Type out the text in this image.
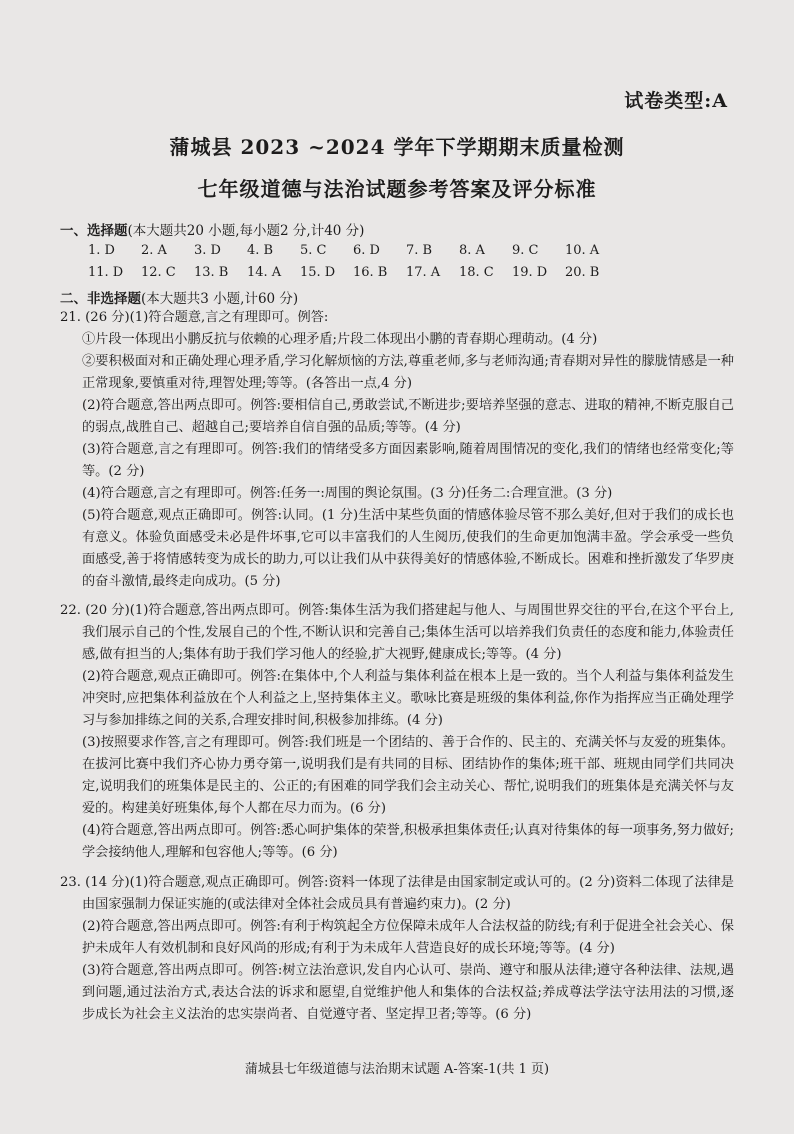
试卷类型:A
蒲城县 2023 ~2024 学年下学期期末质量检测
七年级道德与法治试题参考答案及评分标准
一、选择题(本大题共20 小题,每小题2 分,计40 分)
1. D	2. A	3. D	4. B	5. C	6. D	7. B	8. A	9. C	10. A
11. D	12. C	13. B	14. A	15. D	16. B	17. A	18. C	19. D	20. B
二、非选择题(本大题共3 小题,计60 分)

21. (26 分)(1)符合题意,言之有理即可。例答:

①片段一体现出小鹏反抗与依赖的心理矛盾;片段二体现出小鹏的青春期心理萌动。(4 分)

②要积极面对和正确处理心理矛盾,学习化解烦恼的方法,尊重老师,多与老师沟通;青春期对异性的朦胧情感是一种正常现象,要慎重对待,理智处理;等等。(各答出一点,4 分)

(2)符合题意,答出两点即可。例答:要相信自己,勇敢尝试,不断进步;要培养坚强的意志、进取的精神,不断克服自己的弱点,战胜自己、超越自己;要培养自信自强的品质;等等。(4 分)

(3)符合题意,言之有理即可。例答:我们的情绪受多方面因素影响,随着周围情况的变化,我们的情绪也经常变化;等等。(2 分)

(4)符合题意,言之有理即可。例答:任务一:周围的舆论氛围。(3 分)任务二:合理宣泄。(3 分)

(5)符合题意,观点正确即可。例答:认同。(1 分)生活中某些负面的情感体验尽管不那么美好,但对于我们的成长也有意义。体验负面感受未必是件坏事,它可以丰富我们的人生阅历,使我们的生命更加饱满丰盈。学会承受一些负面感受,善于将情感转变为成长的助力,可以让我们从中获得美好的情感体验,不断成长。困难和挫折激发了华罗庚的奋斗激情,最终走向成功。(5 分)

22. (20 分)(1)符合题意,答出两点即可。例答:集体生活为我们搭建起与他人、与周围世界交往的平台,在这个平台上,我们展示自己的个性,发展自己的个性,不断认识和完善自己;集体生活可以培养我们负责任的态度和能力,体验责任感,做有担当的人;集体有助于我们学习他人的经验,扩大视野,健康成长;等等。(4 分)

(2)符合题意,观点正确即可。例答:在集体中,个人利益与集体利益在根本上是一致的。当个人利益与集体利益发生冲突时,应把集体利益放在个人利益之上,坚持集体主义。歌咏比赛是班级的集体利益,你作为指挥应当正确处理学习与参加排练之间的关系,合理安排时间,积极参加排练。(4 分)

(3)按照要求作答,言之有理即可。例答:我们班是一个团结的、善于合作的、民主的、充满关怀与友爱的班集体。在拔河比赛中我们齐心协力勇夺第一,说明我们是有共同的目标、团结协作的集体;班干部、班规由同学们共同决定,说明我们的班集体是民主的、公正的;有困难的同学我们会主动关心、帮忙,说明我们的班集体是充满关怀与友爱的。构建美好班集体,每个人都在尽力而为。(6 分)

(4)符合题意,答出两点即可。例答:悉心呵护集体的荣誉,积极承担集体责任;认真对待集体的每一项事务,努力做好;学会接纳他人,理解和包容他人;等等。(6 分)

23. (14 分)(1)符合题意,观点正确即可。例答:资料一体现了法律是由国家制定或认可的。(2 分)资料二体现了法律是由国家强制力保证实施的(或法律对全体社会成员具有普遍约束力)。(2 分)

(2)符合题意,答出两点即可。例答:有利于构筑起全方位保障未成年人合法权益的防线;有利于促进全社会关心、保护未成年人有效机制和良好风尚的形成;有利于为未成年人营造良好的成长环境;等等。(4 分)

(3)符合题意,答出两点即可。例答:树立法治意识,发自内心认可、崇尚、遵守和服从法律;遵守各种法律、法规,遇到问题,通过法治方式,表达合法的诉求和愿望,自觉维护他人和集体的合法权益;养成尊法学法守法用法的习惯,逐步成长为社会主义法治的忠实崇尚者、自觉遵守者、坚定捍卫者;等等。(6 分)

蒲城县七年级道德与法治期末试题 A-答案-1(共 1 页)
